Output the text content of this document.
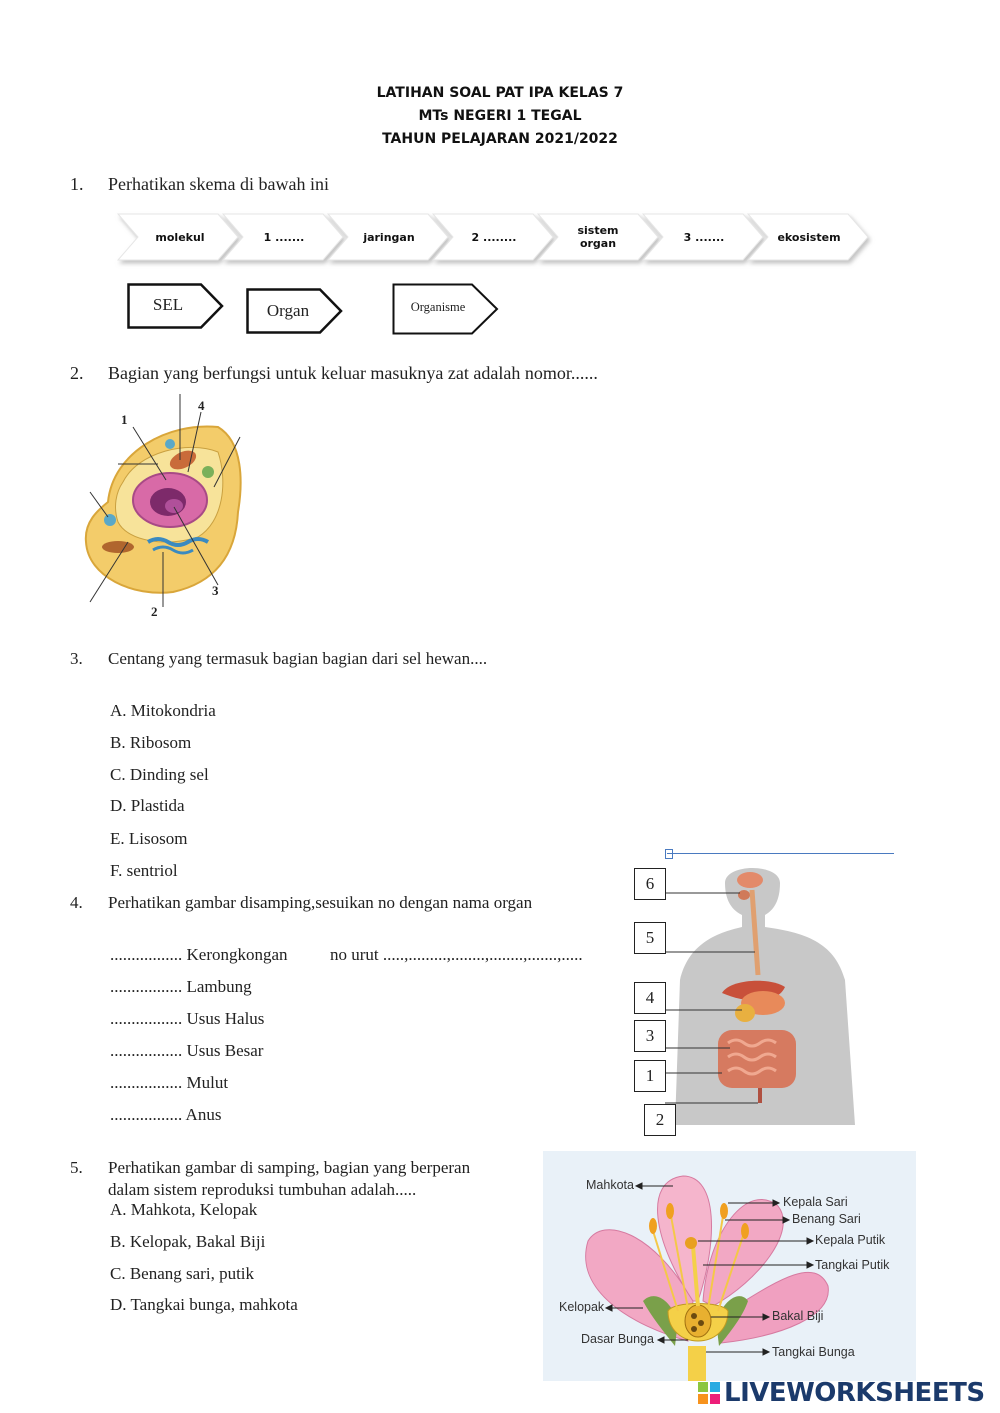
LATIHAN SOAL PAT IPA KELAS 7
MTs NEGERI 1 TEGAL
TAHUN PELAJARAN 2021/2022
1. Perhatikan skema di bawah ini
molekul	1 .......	jaringan	2 ........
sistem organ	3 .......	ekosistem
SEL	Organ	Organisme
2. Bagian yang berfungsi untuk keluar masuknya zat adalah nomor......
1
4
3
2
3. Centang yang termasuk bagian bagian dari sel hewan....
A. Mitokondria
B. Ribosom
C. Dinding sel
D. Plastida
E. Lisosom
F. sentriol
4. Perhatikan gambar disamping,sesuikan no dengan nama organ
................. Kerongkongan
................. Lambung
................. Usus Halus
................. Usus Besar
................. Mulut
................. Anus
no urut .....,.........,........,........,.......,.....
6
5
4
3
1
2
5. Perhatikan gambar di samping, bagian yang berperan
dalam sistem reproduksi tumbuhan adalah.....
A. Mahkota, Kelopak
B. Kelopak, Bakal Biji
C. Benang sari, putik
D. Tangkai bunga, mahkota
Mahkota
Kepala Sari
Benang Sari
Kepala Putik
Tangkai Putik
Kelopak
Bakal Biji
Dasar Bunga
Tangkai Bunga
LIVEWORKSHEETS
